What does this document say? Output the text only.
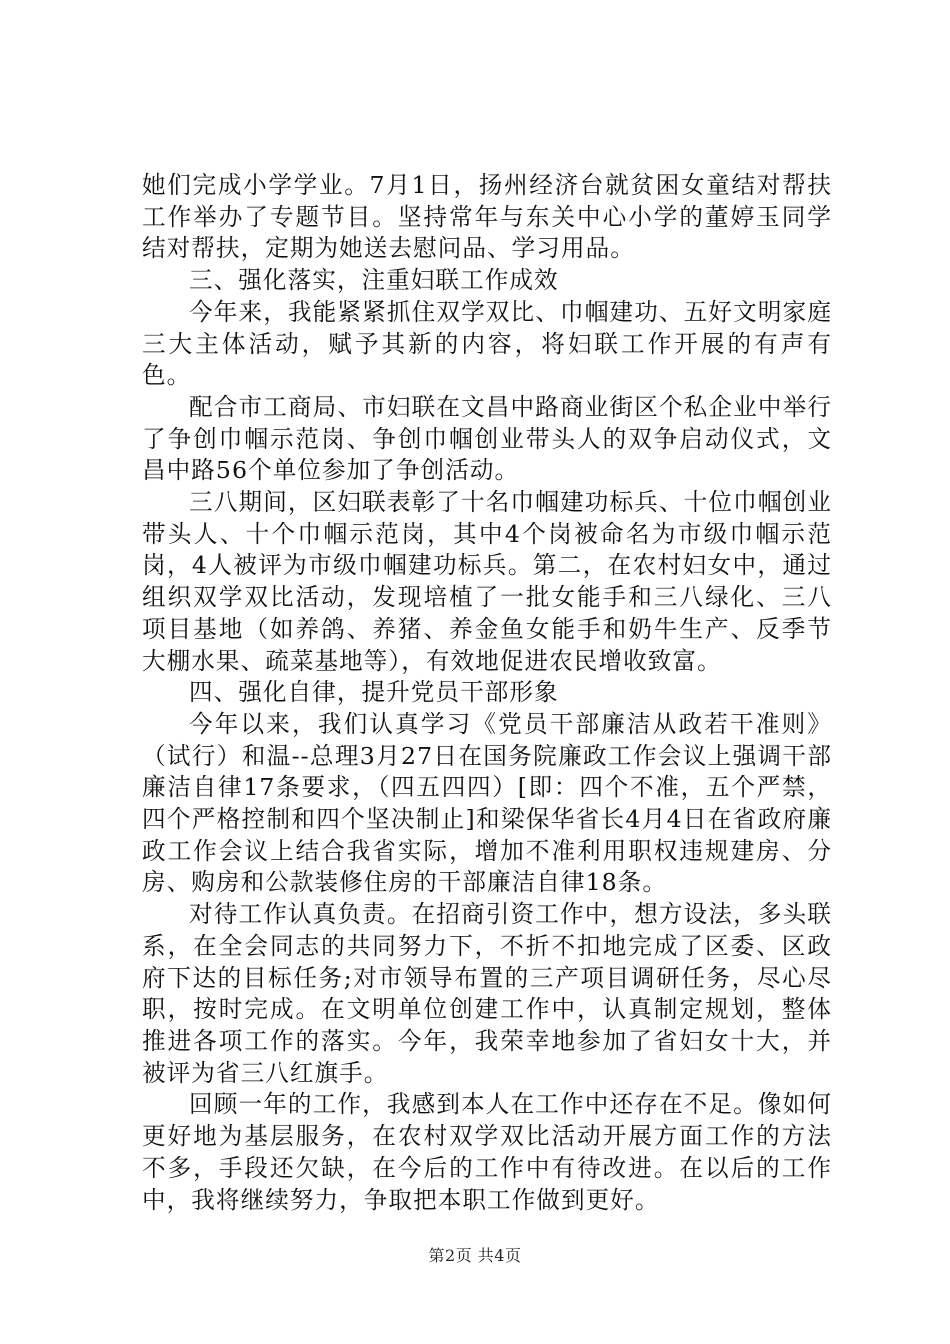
她们完成小学学业。7月1日，扬州经济台就贫困女童结对帮扶工作举办了专题节目。坚持常年与东关中心小学的董婷玉同学结对帮扶，定期为她送去慰问品、学习用品。

三、强化落实，注重妇联工作成效

今年来，我能紧紧抓住双学双比、巾帼建功、五好文明家庭三大主体活动，赋予其新的内容，将妇联工作开展的有声有色。

配合市工商局、市妇联在文昌中路商业街区个私企业中举行了争创巾帼示范岗、争创巾帼创业带头人的双争启动仪式，文昌中路56个单位参加了争创活动。

三八期间，区妇联表彰了十名巾帼建功标兵、十位巾帼创业带头人、十个巾帼示范岗，其中4个岗被命名为市级巾帼示范岗，4人被评为市级巾帼建功标兵。第二，在农村妇女中，通过组织双学双比活动，发现培植了一批女能手和三八绿化、三八项目基地（如养鸽、养猪、养金鱼女能手和奶牛生产、反季节大棚水果、疏菜基地等），有效地促进农民增收致富。

四、强化自律，提升党员干部形象

今年以来，我们认真学习《党员干部廉洁从政若干准则》（试行）和温--总理3月27日在国务院廉政工作会议上强调干部廉洁自律17条要求，（四五四四）[即：四个不准，五个严禁，四个严格控制和四个坚决制止]和梁保华省长4月4日在省政府廉政工作会议上结合我省实际，增加不准利用职权违规建房、分房、购房和公款装修住房的干部廉洁自律18条。

对待工作认真负责。在招商引资工作中，想方设法，多头联系，在全会同志的共同努力下，不折不扣地完成了区委、区政府下达的目标任务;对市领导布置的三产项目调研任务，尽心尽职，按时完成。在文明单位创建工作中，认真制定规划，整体推进各项工作的落实。今年，我荣幸地参加了省妇女十大，并被评为省三八红旗手。

回顾一年的工作，我感到本人在工作中还存在不足。像如何更好地为基层服务，在农村双学双比活动开展方面工作的方法不多，手段还欠缺，在今后的工作中有待改进。在以后的工作中，我将继续努力，争取把本职工作做到更好。

第2页 共4页
